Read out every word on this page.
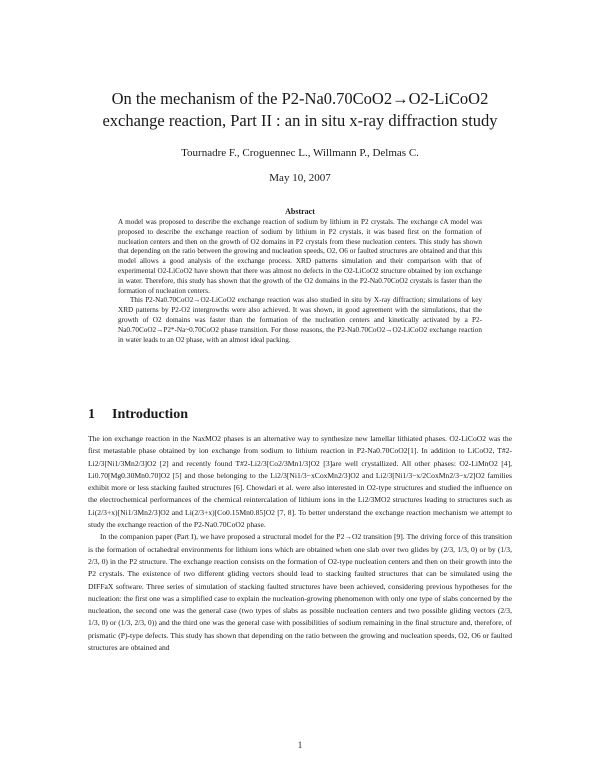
On the mechanism of the P2-Na0.70CoO2→O2-LiCoO2
exchange reaction, Part II : an in situ x-ray diffraction study
Tournadre F., Croguennec L., Willmann P., Delmas C.
May 10, 2007
Abstract

A model was proposed to describe the exchange reaction of sodium by lithium in P2 crystals. The exchange cA model was proposed to describe the exchange reaction of sodium by lithium in P2 crystals, it was based first on the formation of nucleation centers and then on the growth of O2 domains in P2 crystals from these nucleation centers. This study has shown that depending on the ratio between the growing and nucleation speeds, O2, O6 or faulted structures are obtained and that this model allows a good analysis of the exchange process. XRD patterns simulation and their comparison with that of experimental O2-LiCoO2 have shown that there was almost no defects in the O2-LiCoO2 structure obtained by ion exchange in water. Therefore, this study has shown that the growth of the O2 domains in the P2-Na0.70CoO2 crystals is faster than the formation of nucleation centers.

This P2-Na0.70CoO2→O2-LiCoO2 exchange reaction was also studied in situ by X-ray diffraction; simulations of key XRD patterns by P2-O2 intergrowths were also achieved. It was shown, in good agreement with the simulations, that the growth of O2 domains was faster than the formation of the nucleation centers and kinetically activated by a P2-Na0.70CoO2→P2*-Na~0.70CoO2 phase transition. For those reasons, the P2-Na0.70CoO2→O2-LiCoO2 exchange reaction in water leads to an O2 phase, with an almost ideal packing.

1 Introduction

The ion exchange reaction in the NaxMO2 phases is an alternative way to synthesize new lamellar lithiated phases. O2-LiCoO2 was the first metastable phase obtained by ion exchange from sodium to lithium reaction in P2-Na0.70CoO2[1]. In addition to LiCoO2, T#2-Li2/3[Ni1/3Mn2/3]O2 [2] and recently found T#2-Li2/3[Co2/3Mn1/3]O2 [3]are well crystallized. All other phases: O2-LiMnO2 [4], Li0.70[Mg0.30Mn0.70]O2 [5] and those belonging to the Li2/3[Ni1/3−xCoxMn2/3]O2 and Li2/3[Ni1/3−x/2CoxMn2/3−x/2]O2 families exhibit more or less stacking faulted structures [6]. Chowdari et al. were also interested in O2-type structures and studied the influence on the electrochemical performances of the chemical reintercalation of lithium ions in the Li2/3MO2 structures leading to structures such as Li(2/3+x)[Ni1/3Mn2/3]O2 and Li(2/3+x)[Co0.15Mn0.85]O2 [7, 8]. To better understand the exchange reaction mechanism we attempt to study the exchange reaction of the P2-Na0.70CoO2 phase.

In the companion paper (Part I), we have proposed a structural model for the P2→O2 transition [9]. The driving force of this transition is the formation of octahedral environments for lithium ions which are obtained when one slab over two glides by (2/3, 1/3, 0) or by (1/3, 2/3, 0) in the P2 structure. The exchange reaction consists on the formation of O2-type nucleation centers and then on their growth into the P2 crystals. The existence of two different gliding vectors should lead to stacking faulted structures that can be simulated using the DIFFaX software. Three series of simulation of stacking faulted structures have been achieved, considering previous hypotheses for the nucleation: the first one was a simplified case to explain the nucleation-growing phenomenon with only one type of slabs concerned by the nucleation, the second one was the general case (two types of slabs as possible nucleation centers and two possible gliding vectors (2/3, 1/3, 0) or (1/3, 2/3, 0)) and the third one was the general case with possibilities of sodium remaining in the final structure and, therefore, of prismatic (P)-type defects. This study has shown that depending on the ratio between the growing and nucleation speeds, O2, O6 or faulted structures are obtained and

1
